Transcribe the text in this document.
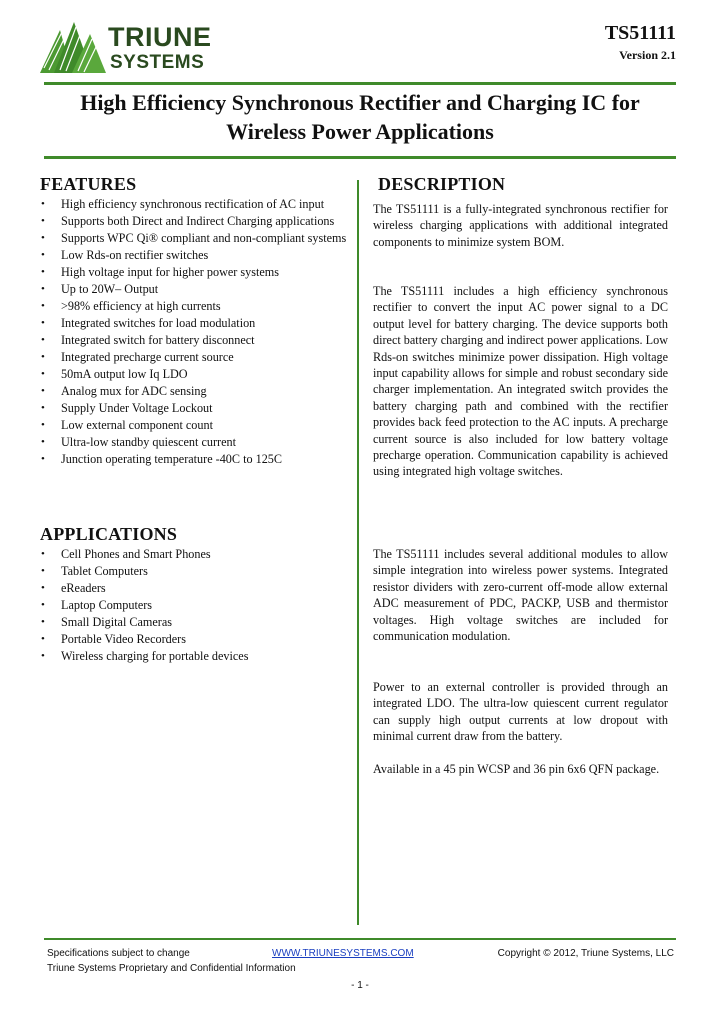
TRIUNE
SYSTEMS
TS51111
Version 2.1
High Efficiency Synchronous Rectifier and Charging IC for
Wireless Power Applications
FEATURES
• High efficiency synchronous rectification of AC input
• Supports both Direct and Indirect Charging applications
• Supports WPC Qi® compliant and non-compliant systems
• Low Rds-on rectifier switches
• High voltage input for higher power systems
• Up to 20W– Output
• >98% efficiency at high currents
• Integrated switches for load modulation
• Integrated switch for battery disconnect
• Integrated precharge current source
• 50mA output low Iq LDO
• Analog mux for ADC sensing
• Supply Under Voltage Lockout
• Low external component count
• Ultra-low standby quiescent current
• Junction operating temperature -40C to 125C
APPLICATIONS
• Cell Phones and Smart Phones
• Tablet Computers
• eReaders
• Laptop Computers
• Small Digital Cameras
• Portable Video Recorders
• Wireless charging for portable devices
DESCRIPTION

The TS51111 is a fully-integrated synchronous rectifier for wireless charging applications with additional integrated components to minimize system BOM.

The TS51111 includes a high efficiency synchronous rectifier to convert the input AC power signal to a DC output level for battery charging. The device supports both direct battery charging and indirect power applications. Low Rds-on switches minimize power dissipation. High voltage input capability allows for simple and robust secondary side charger implementation. An integrated switch provides the battery charging path and combined with the rectifier provides back feed protection to the AC inputs. A precharge current source is also included for low battery voltage precharge operation. Communication capability is achieved using integrated high voltage switches.

The TS51111 includes several additional modules to allow simple integration into wireless power systems. Integrated resistor dividers with zero-current off-mode allow external ADC measurement of PDC, PACKP, USB and thermistor voltages. High voltage switches are included for communication modulation.

Power to an external controller is provided through an integrated LDO. The ultra-low quiescent current regulator can supply high output currents at low dropout with minimal current draw from the battery.

Available in a 45 pin WCSP and 36 pin 6x6 QFN package.

Specifications subject to change
Triune Systems Proprietary and Confidential Information
WWW.TRIUNESYSTEMS.COM	Copyright © 2012, Triune Systems, LLC
- 1 -
